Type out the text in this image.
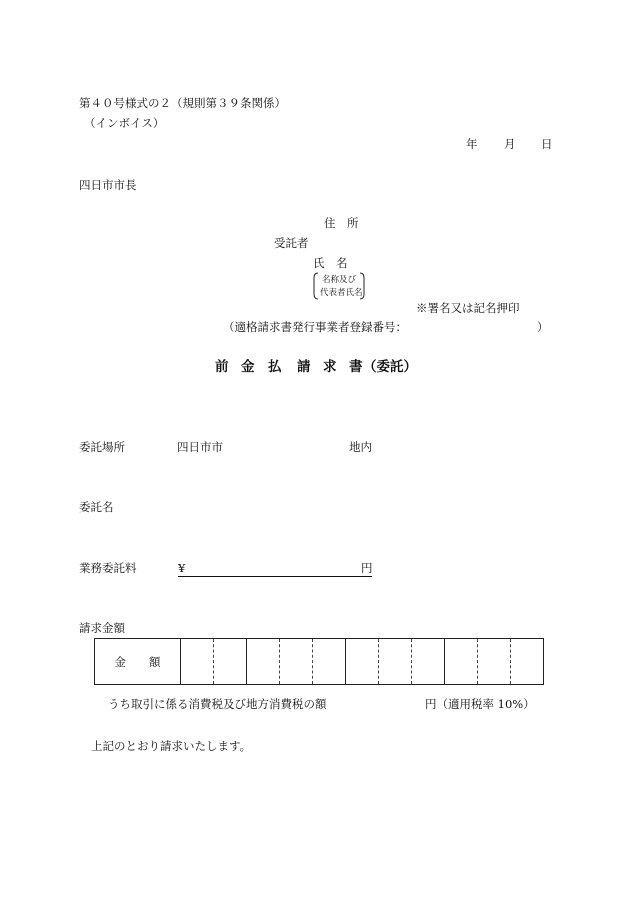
第４０号様式の２（規則第３９条関係）
（インボイス）
年 月 日
四日市市長
住　所
受託者
氏　名
名称及び
代表者氏名
※署名又は記名押印
（適格請求書発行事業者登録番号：	）
前 金 払 請 求 書（委託）
委託場所	四日市市	地内
委託名
業務委託料	¥	円
請求金額
金　　額											
うち取引に係る消費税及び地方消費税の額	円（適用税率 10%）
上記のとおり請求いたします。
